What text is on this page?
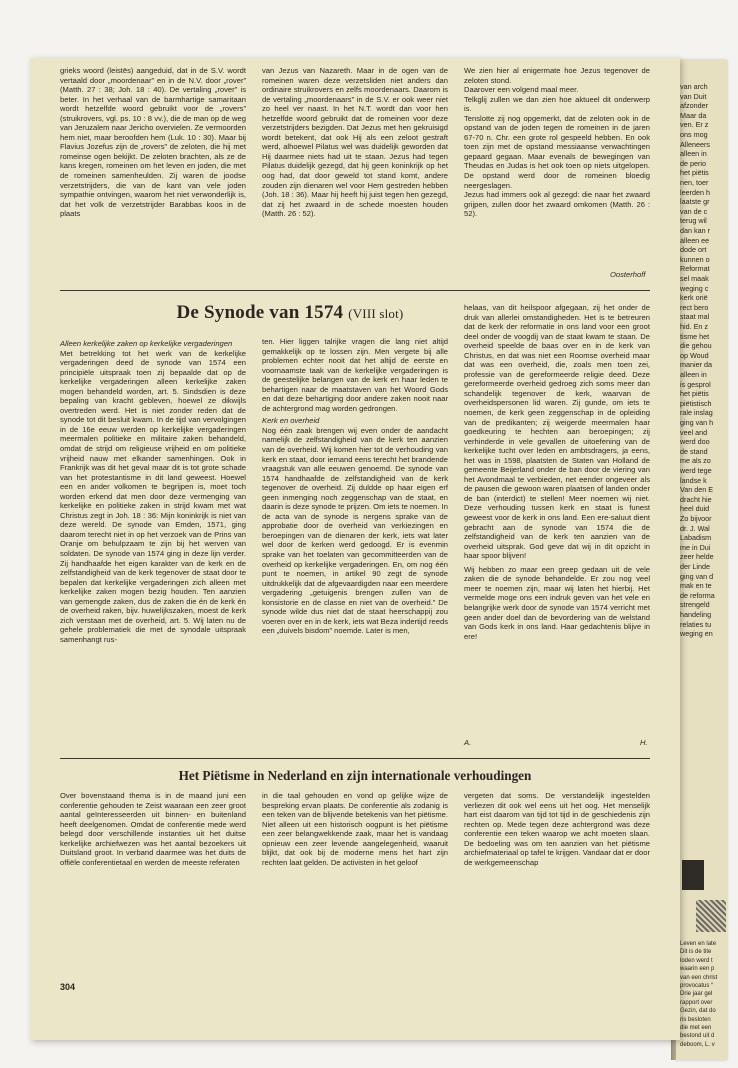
van arch
van Duit
afzonder
Maar da
ven. Er z
ons mog
Alleneers
alleen in
de perio
het piëtis
nen, toer
leerden h
laatste gr
van de c
terug wil
dan kan r
alleen ee
dode ort
kunnen o
Reformat
sel maak
weging c
kerk orië
rect bero
staat mal
hid. En z
tisme het
die gehou
op Woud
manier da
alleen in
is gesprol
het piëtis
piëtistisch
rale inslag
ging van h
veel and
werd doo
de stand
me als zo
werd tege
landse k
Van den E
dracht hie
heel duid
Zo bijvoor
dr. J. Wal
Labadism
me in Dui
zeer helde
der Linde
ging van d
mak en te
de reforma
strengeld
handeling
relaties tu
weging en
Leven en late
Dit is de tite
loden werd t
waarin een p
van een christ
provocatus “
Drie jaar gel
rapport over
Gezin, dat do
ris besloten
die met een
bestond uit d
deboom, L. v

grieks woord (leistēs) aangeduid, dat in de S.V. wordt vertaald door „moordenaar” en in de N.V. door „rover” (Matth. 27 : 38; Joh. 18 : 40). De vertaling „rover” is beter. In het verhaal van de barmhartige samaritaan wordt hetzelfde woord gebruikt voor de „rovers” (struikrovers, vgl. ps. 10 : 8 vv.), die de man op de weg van Jeruzalem naar Jericho overvielen. Ze vermoorden hem niet, maar beroofden hem (Luk. 10 : 30). Maar bij Flavius Jozefus zijn de „rovers” de zeloten, die hij met romeinse ogen bekijkt. De zeloten brachten, als ze de kans kregen, romeinen om het leven en joden, die met de romeinen samenheulden. Zij waren de joodse verzetstrijders, die van de kant van vele joden sympathie ontvingen, waarom het niet verwonderlijk is, dat het volk de verzetstrijder Barabbas koos in de plaats

van Jezus van Nazareth. Maar in de ogen van de romeinen waren deze verzetsliden niet anders dan ordinaire struikrovers en zelfs moordenaars. Daarom is de vertaling „moordenaars” in de S.V. er ook weer niet zo heel ver naast. In het N.T. wordt dan voor hen hetzelfde woord gebruikt dat de romeinen voor deze verzetstrijders bezigden. Dat Jezus met hen gekruisigd wordt betekent, dat ook Hij als een zeloot gestraft werd, alhoewel Pilatus wel was duidelijk geworden dat Hij daarmee niets had uit te staan. Jezus had tegen Pilatus duidelijk gezegd, dat hij geen koninkrijk op het oog had, dat door geweld tot stand komt, andere zouden zijn dienaren wel voor Hem gestreden hebben (Joh. 18 : 36). Maar hij heeft hij juist tegen hen gezegd, dat zij het zwaard in de schede moesten houden (Matth. 26 : 52).

We zien hier al enigermate hoe Jezus tegenover de zeloten stond.

Daarover een volgend maal meer.

Telkglij zullen we dan zien hoe aktueel dit onderwerp is.

Tenslotte zij nog opgemerkt, dat de zeloten ook in de opstand van de joden tegen de romeinen in de jaren 67-70 n. Chr. een grote rol gespeeld hebben. En ook toen zijn met de opstand messiaanse verwachtingen gepaard gegaan. Maar evenals de bewegingen van Theudas en Judas is het ook toen op niets uitgelopen. De opstand werd door de romeinen bloedig neergeslagen.

Jezus had immers ook al gezegd: die naar het zwaard grijpen, zullen door het zwaard omkomen (Matth. 26 : 52).

Oosterhoff
De Synode van 1574 (VIII slot)

Alleen kerkelijke zaken op kerkelijke vergaderingen

Met betrekking tot het werk van de kerkelijke vergaderingen deed de synode van 1574 een principiële uitspraak toen zij bepaalde dat op de kerkelijke vergaderingen alleen kerkelijke zaken mogen behandeld worden, art. 5. Sindsdien is deze bepaling van kracht gebleven, hoewel ze dikwijls overtreden werd. Het is niet zonder reden dat de synode tot dit besluit kwam. In de tijd van vervolgingen in de 16e eeuw werden op kerkelijke vergaderingen meermalen politieke en militaire zaken behandeld, omdat de strijd om religieuse vrijheid en om politieke vrijheid nauw met elkander samenhingen. Ook in Frankrijk was dit het geval maar dit is tot grote schade van het protestantisme in dit land geweest. Hoewel een en ander volkomen te begrijpen is, moet toch worden erkend dat men door deze vermenging van kerkelijke en politieke zaken in strijd kwam met wat Christus zegt in Joh. 18 : 36: Mijn koninkrijk is niet van deze wereld. De synode van Emden, 1571, ging daarom terecht niet in op het verzoek van de Prins van Oranje om behulpzaam te zijn bij het werven van soldaten. De synode van 1574 ging in deze lijn verder. Zij handhaafde het eigen karakter van de kerk en de zelfstandigheid van de kerk tegenover de staat door te bepalen dat kerkelijke vergaderingen zich alleen met kerkelijke zaken mogen bezig houden. Ten aanzien van gemengde zaken, dus de zaken die én de kerk én de overheid raken, bijv. huwelijkszaken, moest de kerk zich verstaan met de overheid, art. 5. Wij laten nu de gehele problematiek die met de synodale uitspraak samenhangt rus-

ten. Hier liggen talrijke vragen die lang niet altijd gemakkelijk op te lossen zijn. Men vergete bij alle problemen echter nooit dat het altijd de eerste en voornaamste taak van de kerkelijke vergaderingen is de geestelijke belangen van de kerk en haar leden te behartigen naar de maatstaven van het Woord Gods en dat deze behartiging door andere zaken nooit naar de achtergrond mag worden gedrongen.

Kerk en overheid

Nog één zaak brengen wij even onder de aandacht namelijk de zelfstandigheid van de kerk ten aanzien van de overheid. Wij komen hier tot de verhouding van kerk en staat, door iemand eens terecht het brandende vraagstuk van alle eeuwen genoemd. De synode van 1574 handhaafde de zelfstandigheid van de kerk tegenover de overheid. Zij duldde op haar eigen erf geen inmenging noch zeggenschap van de staat, en daarin is deze synode te prijzen. Om iets te noemen. In de acta van de synode is nergens sprake van de approbatie door de overheid van verkiezingen en beroepingen van de dienaren der kerk, iets wat later wel door de kerken werd gedoogd. Er is evenmin sprake van het toelaten van gecommitteerden van de overheid op kerkelijke vergaderingen. En, om nog één punt te noemen, in artikel 90 zegt de synode uitdrukkelijk dat de afgevaardigden naar een meerdere vergadering „getuigenis brengen zullen van de konsistorie en de classe en niet van de overheid.” De synode wilde dus niet dat de staat heerschappij zou voeren over en in de kerk, iets wat Beza indertijd reeds een „duivels bisdom” noemde. Later is men,

helaas, van dit heilspoor afgegaan, zij het onder de druk van allerlei omstandigheden. Het is te betreuren dat de kerk der reformatie in ons land voor een groot deel onder de voogdij van de staat kwam te staan. De overheid speelde de baas over en in de kerk van Christus, en dat was niet een Roomse overheid maar dat was een overheid, die, zoals men toen zei, professie van de gereformeerde religie deed. Deze gereformeerde overheid gedroeg zich soms meer dan schandelijk tegenover de kerk, waarvan de overheidspersonen lid waren. Zij gunde, om iets te noemen, de kerk geen zeggenschap in de opleiding van de predikanten; zij weigerde meermalen haar goedkeuring te hechten aan beroepingen; zij verhinderde in vele gevallen de uitoefening van de kerkelijke tucht over leden en ambtsdragers, ja eens, het was in 1598, plaatsten de Staten van Holland de gemeente Beijerland onder de ban door de viering van het Avondmaal te verbieden, net eender ongeveer als de pausen die gewoon waren plaatsen of landen onder de ban (interdict) te stellen! Meer noemen wij niet. Deze verhouding tussen kerk en staat is funest geweest voor de kerk in ons land. Een ere-saluut dient gebracht aan de synode van 1574 die de zelfstandigheid van de kerk ten aanzien van de overheid uitsprak. God geve dat wij in dit opzicht in haar spoor blijven!

Wij hebben zo maar een greep gedaan uit de vele zaken die de synode behandelde. Er zou nog veel meer te noemen zijn, maar wij laten het hierbij. Het vermelde moge ons een indruk geven van het vele en belangrijke werk door de synode van 1574 verricht met geen ander doel dan de bevordering van de welstand van Gods kerk in ons land. Haar gedachtenis blijve in ere!

A.	H.
Het Piëtisme in Nederland en zijn internationale verhoudingen

Over bovenstaand thema is in de maand juni een conferentie gehouden te Zeist waaraan een zeer groot aantal geïnteresseerden uit binnen- en buitenland heeft deelgenomen. Omdat de conferentie mede werd belegd door verschillende instanties uit het duitse kerkelijke archiefwezen was het aantal bezoekers uit Duitsland groot. In verband daarmee was het duits de offiële conferentietaal en werden de meeste referaten

in die taal gehouden en vond op gelijke wijze de bespreking ervan plaats. De conferentie als zodanig is een teken van de blijvende betekenis van het piëtisme. Niet alleen uit een historisch oogpunt is het piëtisme een zeer belangwekkende zaak, maar het is vandaag opnieuw een zeer levende aangelegenheid, waaruit blijkt, dat ook bij de moderne mens het hart zijn rechten laat gelden. De activisten in het geloof

vergeten dat soms. De verstandelijk ingestelden verliezen dit ook wel eens uit het oog. Het menselijk hart eist daarom van tijd tot tijd in de geschiedenis zijn rechten op. Mede tegen deze achtergrond was deze conferentie een teken waarop we acht moeten slaan. De bedoeling was om ten aanzien van het piëtisme archiefmateriaal op tafel te krijgen. Vandaar dat er door de werkgemeenschap

304
